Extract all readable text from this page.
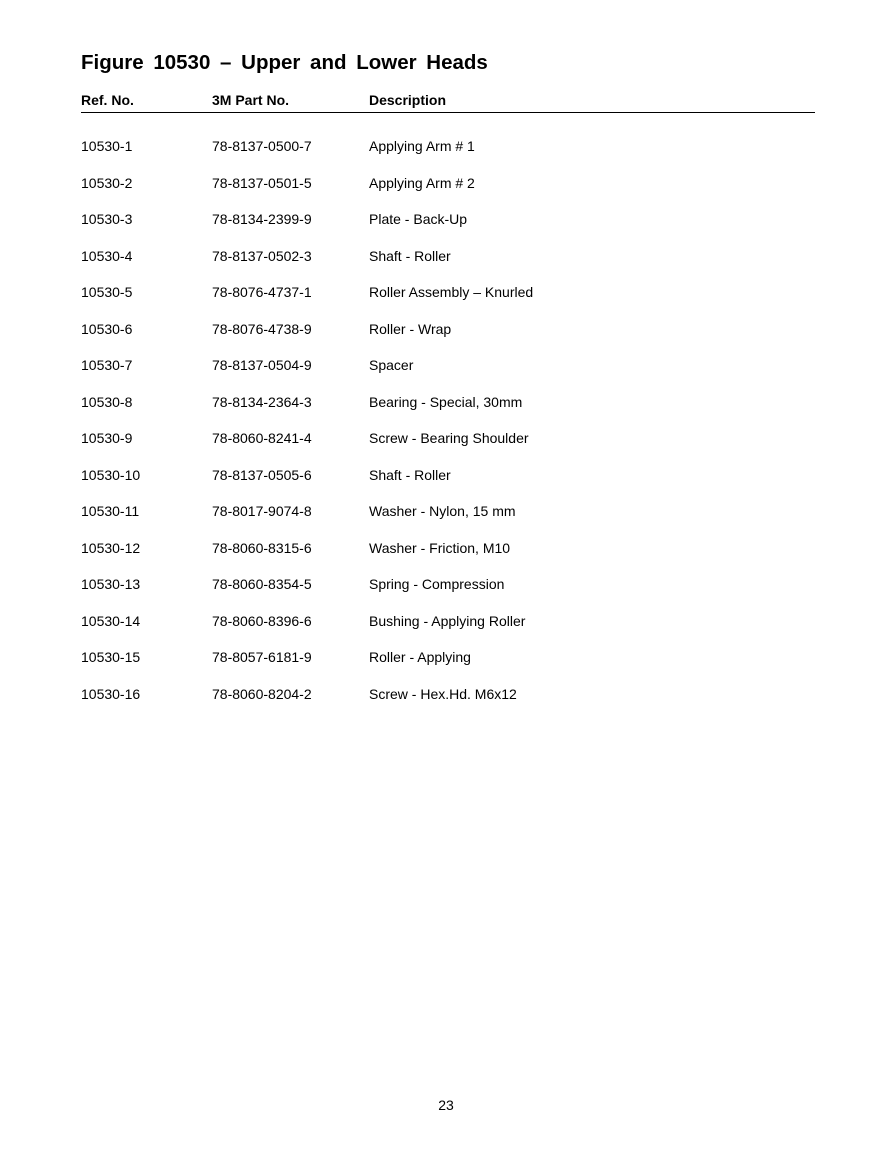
Figure 10530 – Upper and Lower Heads
Ref. No.	3M Part No.	Description
10530-1	78-8137-0500-7	Applying Arm # 1
10530-2	78-8137-0501-5	Applying Arm # 2
10530-3	78-8134-2399-9	Plate - Back-Up
10530-4	78-8137-0502-3	Shaft - Roller
10530-5	78-8076-4737-1	Roller Assembly – Knurled
10530-6	78-8076-4738-9	Roller - Wrap
10530-7	78-8137-0504-9	Spacer
10530-8	78-8134-2364-3	Bearing - Special, 30mm
10530-9	78-8060-8241-4	Screw - Bearing Shoulder
10530-10	78-8137-0505-6	Shaft - Roller
10530-11	78-8017-9074-8	Washer - Nylon, 15 mm
10530-12	78-8060-8315-6	Washer - Friction, M10
10530-13	78-8060-8354-5	Spring - Compression
10530-14	78-8060-8396-6	Bushing - Applying Roller
10530-15	78-8057-6181-9	Roller - Applying
10530-16	78-8060-8204-2	Screw - Hex.Hd. M6x12
23
